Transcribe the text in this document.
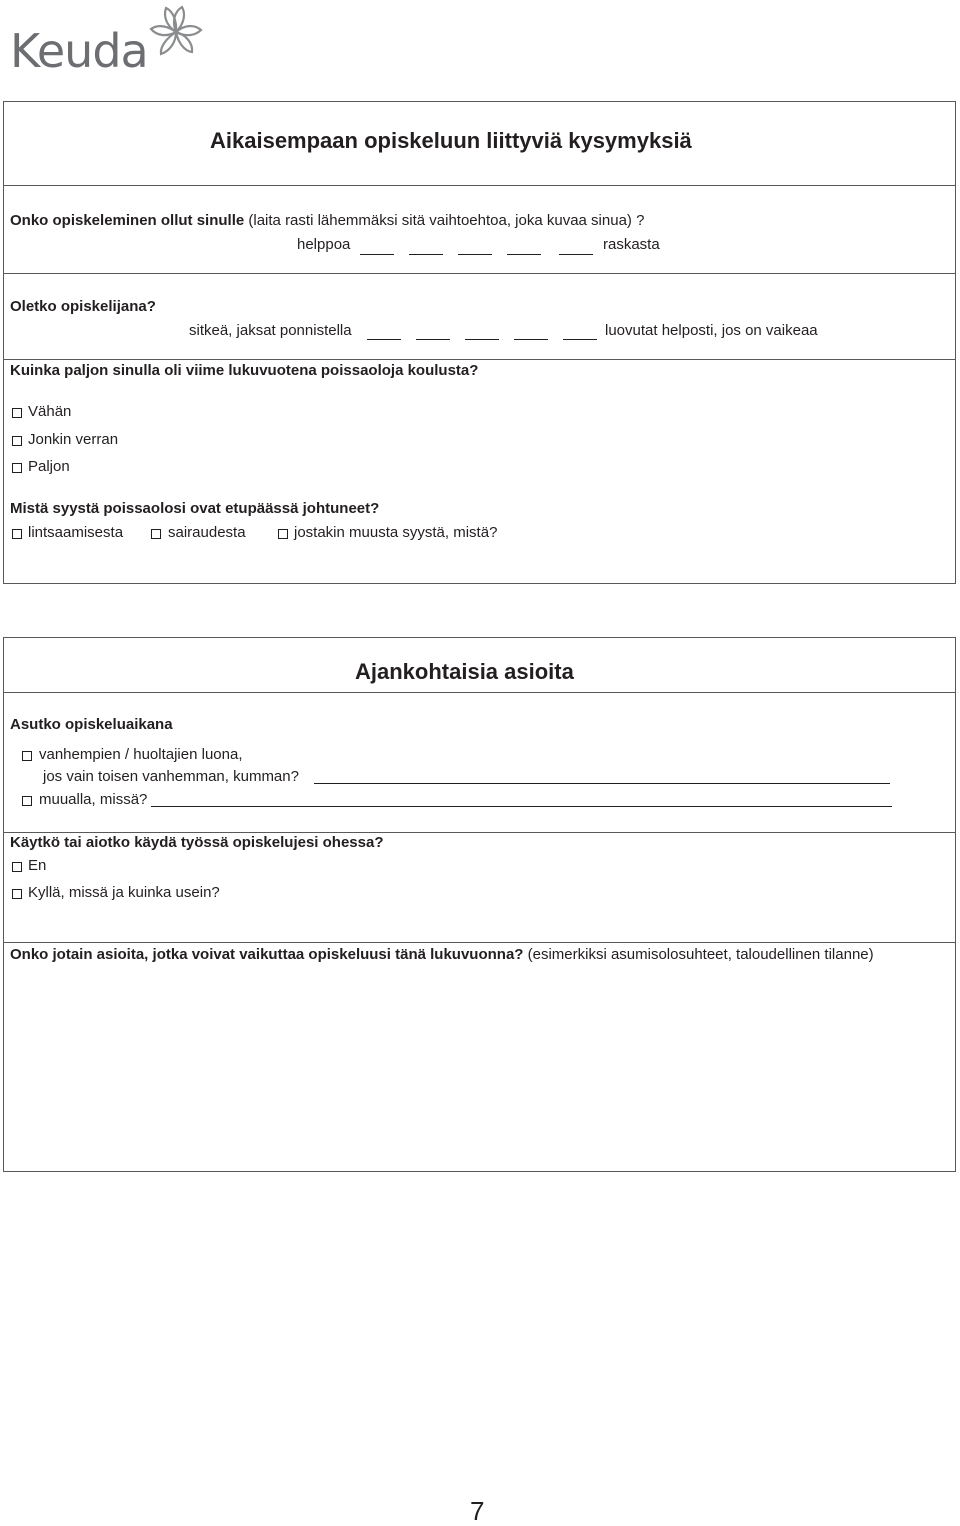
Keuda
Aikaisempaan opiskeluun liittyviä kysymyksiä
Onko opiskeleminen ollut sinulle (laita rasti lähemmäksi sitä vaihtoehtoa, joka kuvaa sinua) ?
helppoa	raskasta
Oletko opiskelijana?
sitkeä, jaksat ponnistella	luovutat helposti, jos on vaikeaa
Kuinka paljon sinulla oli viime lukuvuotena poissaoloja koulusta?
Vähän
Jonkin verran
Paljon
Mistä syystä poissaolosi ovat etupäässä johtuneet?
lintsaamisesta	sairaudesta	jostakin muusta syystä, mistä?
Ajankohtaisia asioita
Asutko opiskeluaikana
vanhempien / huoltajien luona,
jos vain toisen vanhemman, kumman?
muualla, missä?
Käytkö tai aiotko käydä työssä opiskelujesi ohessa?
En
Kyllä, missä ja kuinka usein?
Onko jotain asioita, jotka voivat vaikuttaa opiskeluusi tänä lukuvuonna? (esimerkiksi asumisolosuhteet, taloudellinen tilanne)
7
